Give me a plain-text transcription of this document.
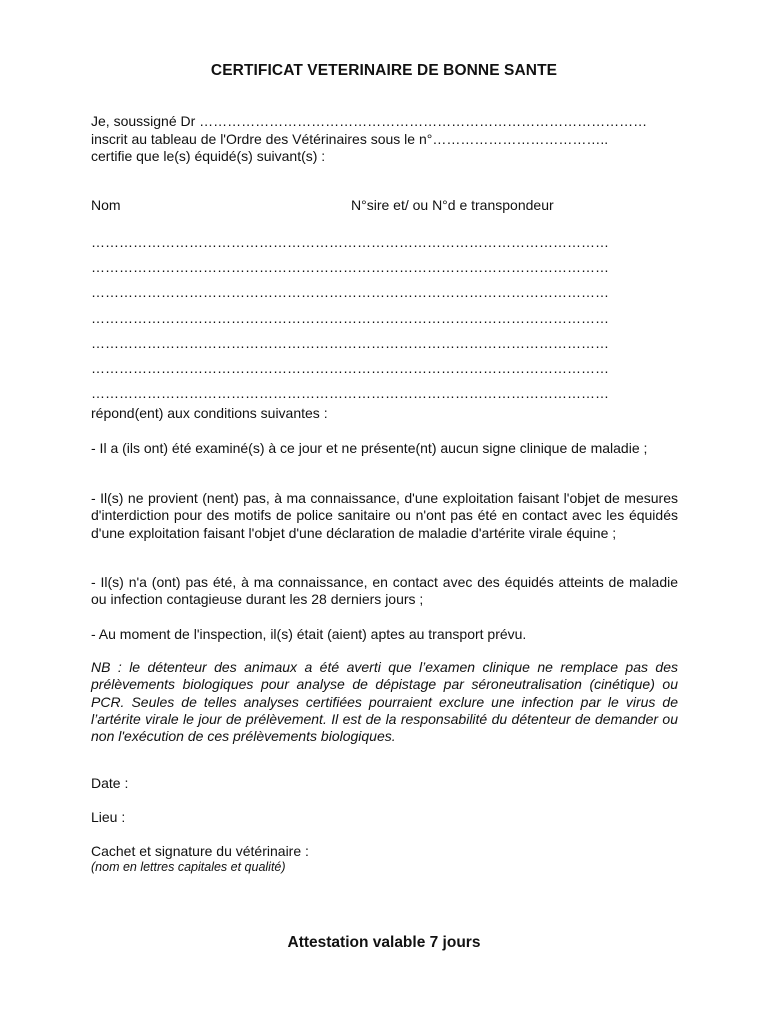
CERTIFICAT VETERINAIRE DE BONNE SANTE
Je, soussigné Dr ……………………………………………………………………………………
inscrit au tableau de l'Ordre des Vétérinaires sous le n°………………………………..
certifie que le(s) équidé(s) suivant(s) :
Nom	N°sire et/ ou N°d e transpondeur
…………………………………………………………………………………………………
…………………………………………………………………………………………………
…………………………………………………………………………………………………
…………………………………………………………………………………………………
…………………………………………………………………………………………………
…………………………………………………………………………………………………
…………………………………………………………………………………………………
répond(ent) aux conditions suivantes :
- Il a (ils ont) été examiné(s) à ce jour et ne présente(nt) aucun signe clinique de maladie ;
- Il(s) ne provient (nent) pas, à ma connaissance, d'une exploitation faisant l'objet de mesures d'interdiction pour des motifs de police sanitaire ou n'ont pas été en contact avec les équidés d'une exploitation faisant l'objet d'une déclaration de maladie d'artérite virale équine ;
- Il(s) n'a (ont) pas été, à ma connaissance, en contact avec des équidés atteints de maladie ou infection contagieuse durant les 28 derniers jours ;
- Au moment de l'inspection, il(s) était (aient) aptes au transport prévu.
NB : le détenteur des animaux a été averti que l’examen clinique ne remplace pas des prélèvements biologiques pour analyse de dépistage par séroneutralisation (cinétique) ou PCR. Seules de telles analyses certifiées pourraient exclure une infection par le virus de l’artérite virale le jour de prélèvement. Il est de la responsabilité du détenteur de demander ou non l'exécution de ces prélèvements biologiques.
Date :
Lieu :
Cachet et signature du vétérinaire :
(nom en lettres capitales et qualité)
Attestation valable 7 jours
